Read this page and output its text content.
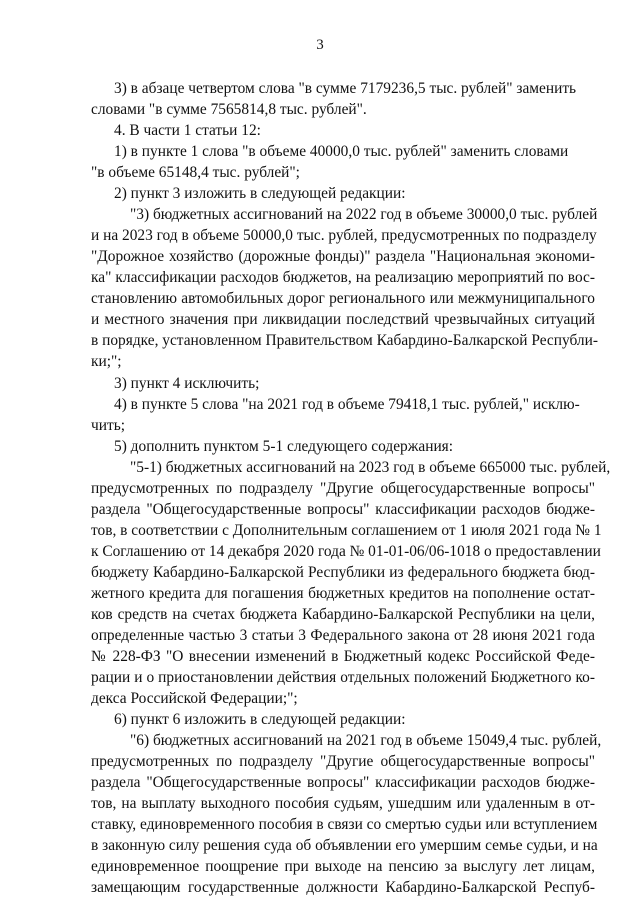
3
3) в абзаце четвертом слова "в сумме 7179236,5 тыс. рублей" заменить
словами "в сумме 7565814,8 тыс. рублей".
4. В части 1 статьи 12:
1) в пункте 1 слова "в объеме 40000,0 тыс. рублей" заменить словами
"в объеме 65148,4 тыс. рублей";
2) пункт 3 изложить в следующей редакции:
"3) бюджетных ассигнований на 2022 год в объеме 30000,0 тыс. рублей
и на 2023 год в объеме 50000,0 тыс. рублей, предусмотренных по подразделу
"Дорожное хозяйство (дорожные фонды)" раздела "Национальная экономи-
ка" классификации расходов бюджетов, на реализацию мероприятий по вос-
становлению автомобильных дорог регионального или межмуниципального
и местного значения при ликвидации последствий чрезвычайных ситуаций
в порядке, установленном Правительством Кабардино-Балкарской Республи-
ки;";
3) пункт 4 исключить;
4) в пункте 5 слова "на 2021 год в объеме 79418,1 тыс. рублей," исклю-
чить;
5) дополнить пунктом 5-1 следующего содержания:
"5-1) бюджетных ассигнований на 2023 год в объеме 665000 тыс. рублей,
предусмотренных по подразделу "Другие общегосударственные вопросы"
раздела "Общегосударственные вопросы" классификации расходов бюдже-
тов, в соответствии с Дополнительным соглашением от 1 июля 2021 года № 1
к Соглашению от 14 декабря 2020 года № 01-01-06/06-1018 о предоставлении
бюджету Кабардино-Балкарской Республики из федерального бюджета бюд-
жетного кредита для погашения бюджетных кредитов на пополнение остат-
ков средств на счетах бюджета Кабардино-Балкарской Республики на цели,
определенные частью 3 статьи 3 Федерального закона от 28 июня 2021 года
№ 228-ФЗ "О внесении изменений в Бюджетный кодекс Российской Феде-
рации и о приостановлении действия отдельных положений Бюджетного ко-
декса Российской Федерации;";
6) пункт 6 изложить в следующей редакции:
"6) бюджетных ассигнований на 2021 год в объеме 15049,4 тыс. рублей,
предусмотренных по подразделу "Другие общегосударственные вопросы"
раздела "Общегосударственные вопросы" классификации расходов бюджe-
тов, на выплату выходного пособия судьям, ушедшим или удаленным в от-
ставку, единовременного пособия в связи со смертью судьи или вступлением
в законную силу решения суда об объявлении его умершим семье судьи, и на
единовременное поощрение при выходе на пенсию за выслугу лет лицам,
замещающим государственные должности Кабардино-Балкарской Респуб-
